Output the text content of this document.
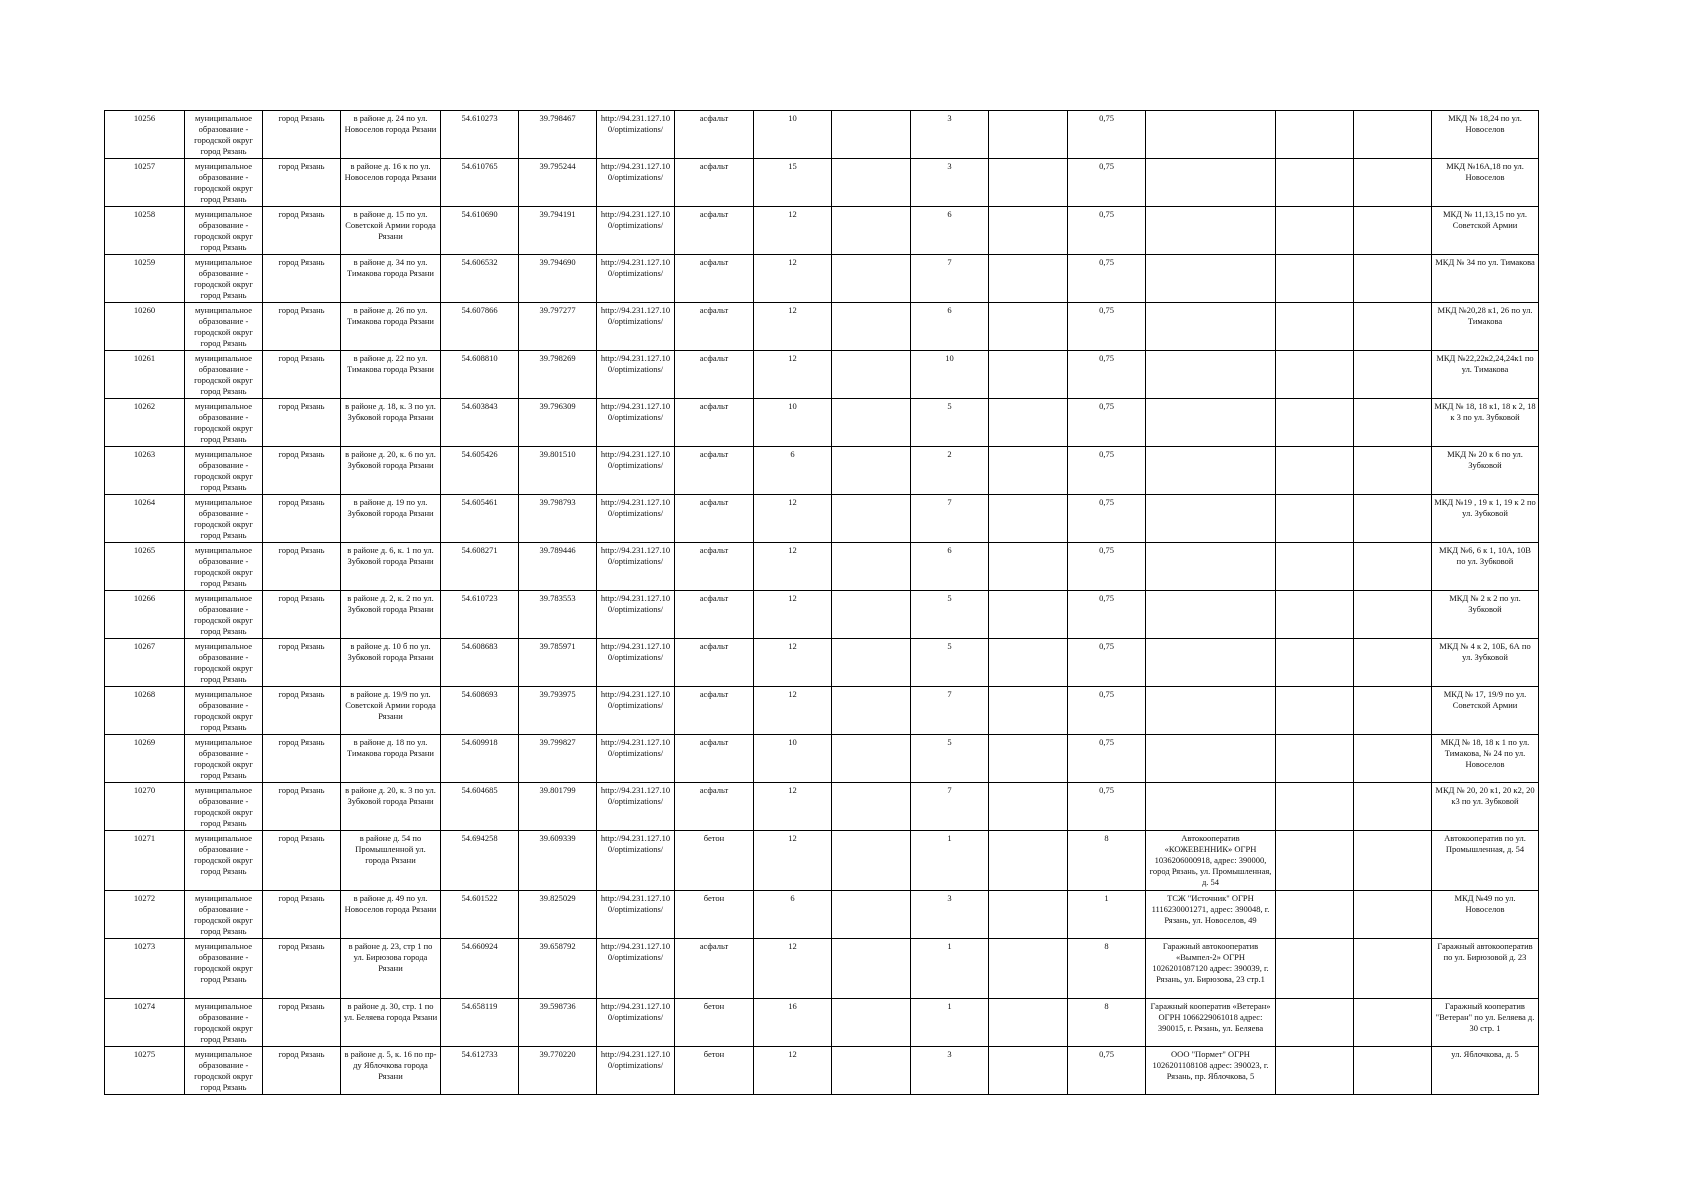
10256	муниципальное образование - городской округ город Рязань	город Рязань	в районе д. 24 по ул. Новоселов города Рязани	54.610273	39.798467	http://94.231.127.100/optimizations/	асфальт	10		3		0,75				МКД № 18,24 по ул. Новоселов
10257	муниципальное образование - городской округ город Рязань	город Рязань	в районе д. 16 к по ул. Новоселов города Рязани	54.610765	39.795244	http://94.231.127.100/optimizations/	асфальт	15		3		0,75				МКД №16А,18 по ул. Новоселов
10258	муниципальное образование - городской округ город Рязань	город Рязань	в районе д. 15 по ул. Советской Армии города Рязани	54.610690	39.794191	http://94.231.127.100/optimizations/	асфальт	12		6		0,75				МКД № 11,13,15 по ул. Советской Армии
10259	муниципальное образование - городской округ город Рязань	город Рязань	в районе д. 34 по ул. Тимакова города Рязани	54.606532	39.794690	http://94.231.127.100/optimizations/	асфальт	12		7		0,75				МКД № 34 по ул. Тимакова
10260	муниципальное образование - городской округ город Рязань	город Рязань	в районе д. 26 по ул. Тимакова города Рязани	54.607866	39.797277	http://94.231.127.100/optimizations/	асфальт	12		6		0,75				МКД №20,28 к1, 26 по ул. Тимакова
10261	муниципальное образование - городской округ город Рязань	город Рязань	в районе д. 22 по ул. Тимакова города Рязани	54.608810	39.798269	http://94.231.127.100/optimizations/	асфальт	12		10		0,75				МКД №22,22к2,24,24к1 по ул. Тимакова
10262	муниципальное образование - городской округ город Рязань	город Рязань	в районе д. 18, к. 3 по ул. Зубковой города Рязани	54.603843	39.796309	http://94.231.127.100/optimizations/	асфальт	10		5		0,75				МКД № 18, 18 к1, 18 к 2, 18 к 3 по ул. Зубковой
10263	муниципальное образование - городской округ город Рязань	город Рязань	в районе д. 20, к. 6 по ул. Зубковой города Рязани	54.605426	39.801510	http://94.231.127.100/optimizations/	асфальт	6		2		0,75				МКД № 20 к 6 по ул. Зубковой
10264	муниципальное образование - городской округ город Рязань	город Рязань	в районе д. 19 по ул. Зубковой города Рязани	54.605461	39.798793	http://94.231.127.100/optimizations/	асфальт	12		7		0,75				МКД №19 , 19 к 1, 19 к 2 по ул. Зубковой
10265	муниципальное образование - городской округ город Рязань	город Рязань	в районе д. 6, к. 1 по ул. Зубковой города Рязани	54.608271	39.789446	http://94.231.127.100/optimizations/	асфальт	12		6		0,75				МКД №6, 6 к 1, 10А, 10В по ул. Зубковой
10266	муниципальное образование - городской округ город Рязань	город Рязань	в районе д. 2, к. 2 по ул. Зубковой города Рязани	54.610723	39.783553	http://94.231.127.100/optimizations/	асфальт	12		5		0,75				МКД № 2 к 2 по ул. Зубковой
10267	муниципальное образование - городской округ город Рязань	город Рязань	в районе д. 10 б по ул. Зубковой города Рязани	54.608683	39.785971	http://94.231.127.100/optimizations/	асфальт	12		5		0,75				МКД № 4 к 2, 10Б, 6А по ул. Зубковой
10268	муниципальное образование - городской округ город Рязань	город Рязань	в районе д. 19/9 по ул. Советской Армии города Рязани	54.608693	39.793975	http://94.231.127.100/optimizations/	асфальт	12		7		0,75				МКД № 17, 19/9 по ул. Советской Армии
10269	муниципальное образование - городской округ город Рязань	город Рязань	в районе д. 18 по ул. Тимакова города Рязани	54.609918	39.799827	http://94.231.127.100/optimizations/	асфальт	10		5		0,75				МКД № 18, 18 к 1 по ул. Тимакова, № 24 по ул. Новоселов
10270	муниципальное образование - городской округ город Рязань	город Рязань	в районе д. 20, к. 3 по ул. Зубковой города Рязани	54.604685	39.801799	http://94.231.127.100/optimizations/	асфальт	12		7		0,75				МКД № 20, 20 к1, 20 к2, 20 к3 по ул. Зубковой
10271	муниципальное образование - городской округ город Рязань	город Рязань	в районе д. 54 по Промышленной ул. города Рязани	54.694258	39.609339	http://94.231.127.100/optimizations/	бетон	12		1		8	Автокооператив «КОЖЕВЕННИК» ОГРН 1036206000918, адрес: 390000, город Рязань, ул. Промышленная, д. 54			Автокооператив по ул. Промышленная, д. 54
10272	муниципальное образование - городской округ город Рязань	город Рязань	в районе д. 49 по ул. Новоселов города Рязани	54.601522	39.825029	http://94.231.127.100/optimizations/	бетон	6		3		1	ТСЖ "Источник" ОГРН 1116230001271, адрес: 390048, г. Рязань, ул. Новоселов, 49			МКД №49 по ул. Новоселов
10273	муниципальное образование - городской округ город Рязань	город Рязань	в районе д. 23, стр 1 по ул. Бирюзова города Рязани	54.660924	39.658792	http://94.231.127.100/optimizations/	асфальт	12		1		8	Гаражный автокооператив «Вымпел-2» ОГРН 1026201087120 адрес: 390039, г. Рязань, ул. Бирюзова, 23 стр.1			Гаражный автокооператив по ул. Бирюзовой д. 23
10274	муниципальное образование - городской округ город Рязань	город Рязань	в районе д. 30, стр. 1 по ул. Беляева города Рязани	54.658119	39.598736	http://94.231.127.100/optimizations/	бетон	16		1		8	Гаражный кооператив «Ветеран» ОГРН 1066229061018 адрес: 390015, г. Рязань, ул. Беляева			Гаражный кооператив "Ветеран" по ул. Беляева д. 30 стр. 1
10275	муниципальное образование - городской округ город Рязань	город Рязань	в районе д. 5, к. 16 по пр-ду Яблочкова города Рязани	54.612733	39.770220	http://94.231.127.100/optimizations/	бетон	12		3		0,75	ООО "Пормет" ОГРН 1026201108108 адрес: 390023, г. Рязань, пр. Яблочкова, 5			ул. Яблочкова, д. 5
